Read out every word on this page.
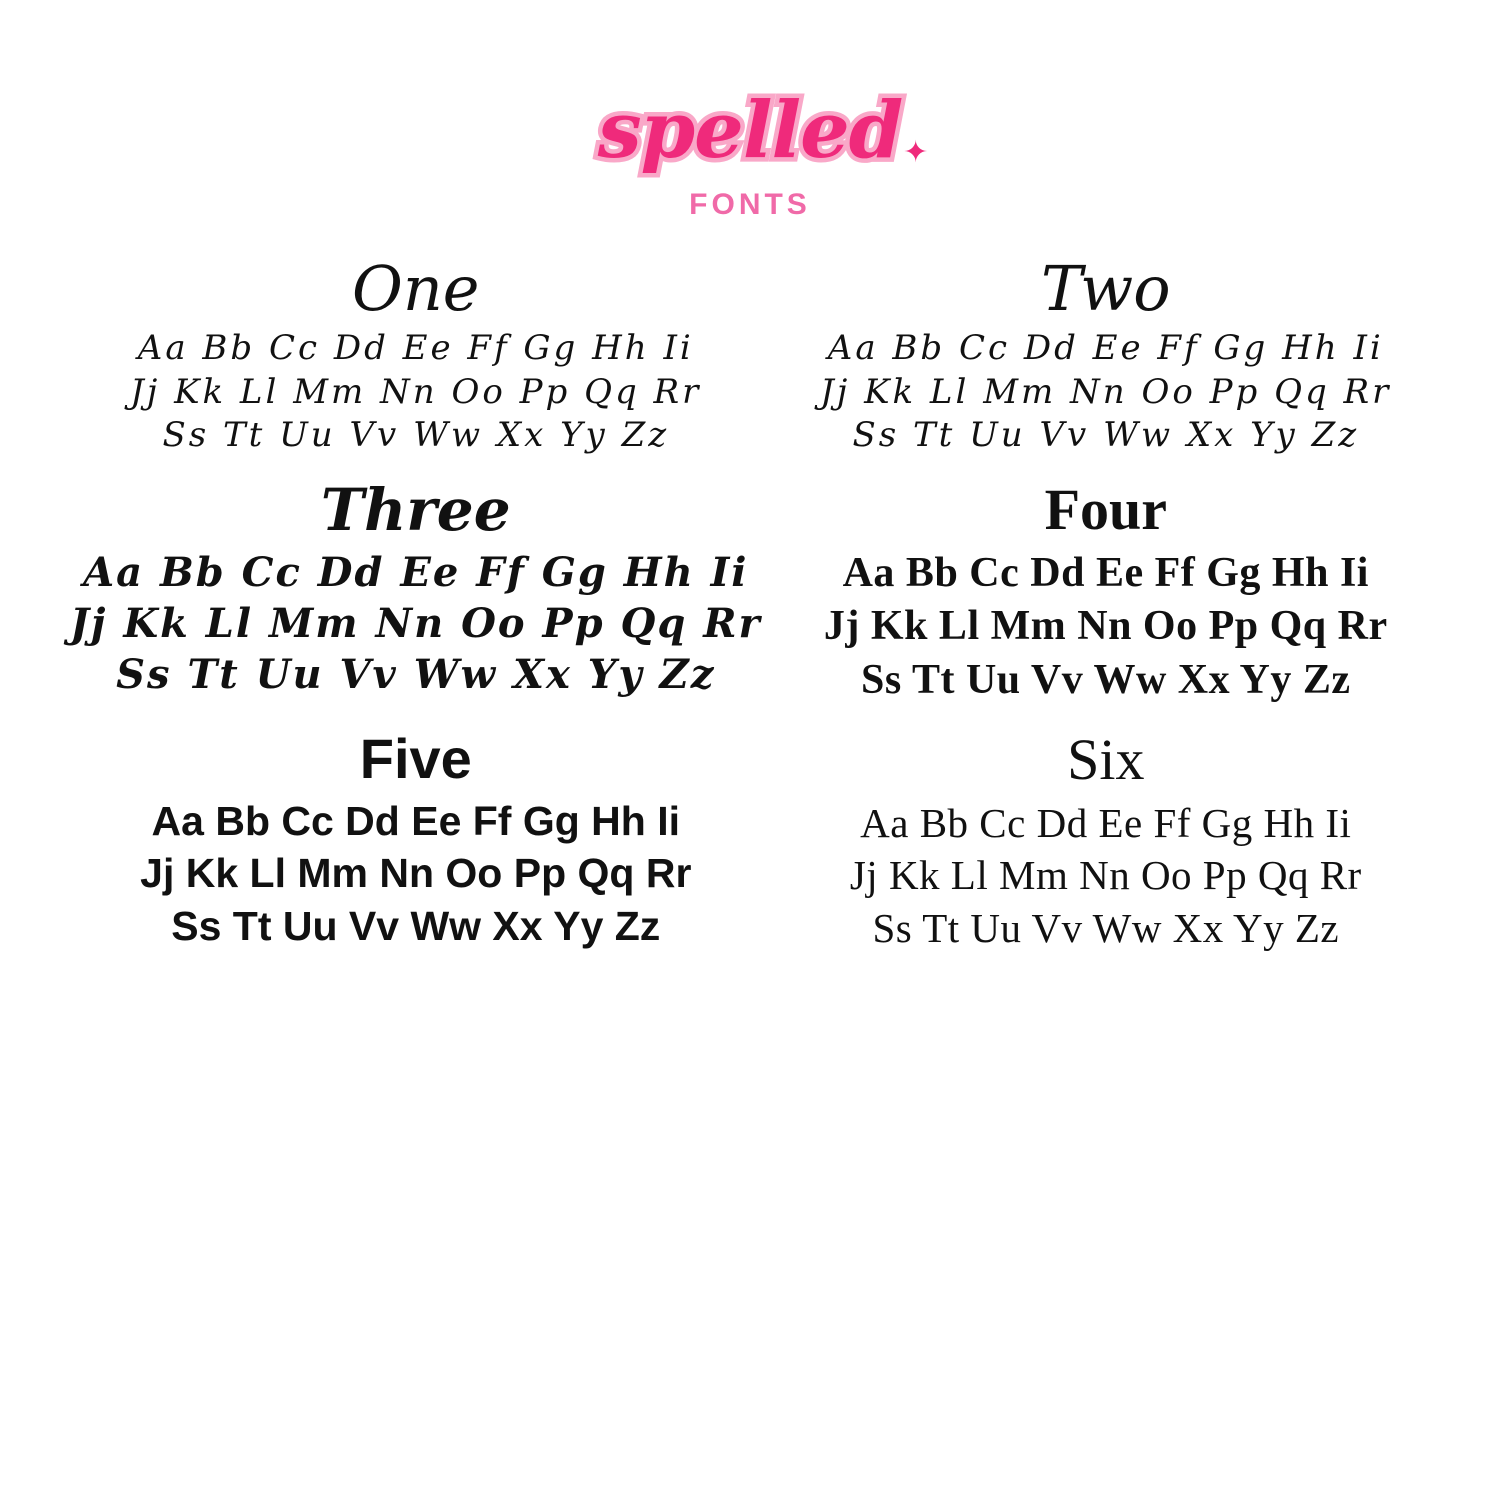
spelled ✦
FONTS
One
Aa Bb Cc Dd Ee Ff Gg Hh Ii
Jj Kk Ll Mm Nn Oo Pp Qq Rr
Ss Tt Uu Vv Ww Xx Yy Zz
Two
Aa Bb Cc Dd Ee Ff Gg Hh Ii
Jj Kk Ll Mm Nn Oo Pp Qq Rr
Ss Tt Uu Vv Ww Xx Yy Zz
Three
Aa Bb Cc Dd Ee Ff Gg Hh Ii
Jj Kk Ll Mm Nn Oo Pp Qq Rr
Ss Tt Uu Vv Ww Xx Yy Zz
Four
Aa Bb Cc Dd Ee Ff Gg Hh Ii
Jj Kk Ll Mm Nn Oo Pp Qq Rr
Ss Tt Uu Vv Ww Xx Yy Zz
Five
Aa Bb Cc Dd Ee Ff Gg Hh Ii
Jj Kk Ll Mm Nn Oo Pp Qq Rr
Ss Tt Uu Vv Ww Xx Yy Zz
Six
Aa Bb Cc Dd Ee Ff Gg Hh Ii
Jj Kk Ll Mm Nn Oo Pp Qq Rr
Ss Tt Uu Vv Ww Xx Yy Zz
